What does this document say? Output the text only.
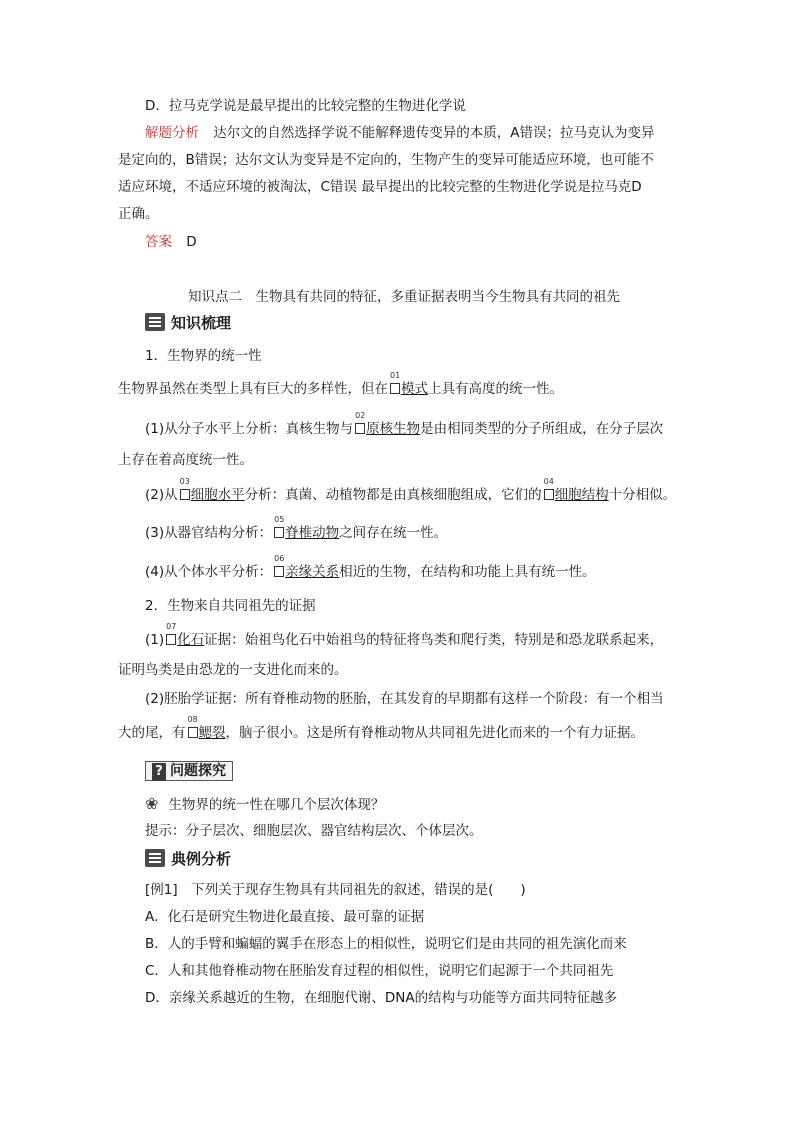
D．拉马克学说是最早提出的比较完整的生物进化学说
解题分析 达尔文的自然选择学说不能解释遗传变异的本质，A错误；拉马克认为变异
是定向的，B错误；达尔文认为变异是不定向的，生物产生的变异可能适应环境，也可能不
适应环境，不适应环境的被淘汰，C错误 最早提出的比较完整的生物进化学说是拉马克D
正确。
答案 D
知识点二　生物具有共同的特征，多重证据表明当今生物具有共同的祖先
知识梳理
1．生物界的统一性
生物界虽然在类型上具有巨大的多样性，但在
01
模式上具有高度的统一性。
(1)从分子水平上分析：真核生物与
02
原核生物是由相同类型的分子所组成，在分子层次
上存在着高度统一性。
(2)从
03
细胞水平分析：真菌、动植物都是由真核细胞组成，它们的
04
细胞结构十分相似。
(3)从器官结构分析：
05
脊椎动物之间存在统一性。
(4)从个体水平分析：
06
亲缘关系相近的生物，在结构和功能上具有统一性。
2．生物来自共同祖先的证据
(1)
07
化石证据：始祖鸟化石中始祖鸟的特征将鸟类和爬行类，特别是和恐龙联系起来，
证明鸟类是由恐龙的一支进化而来的。
(2)胚胎学证据：所有脊椎动物的胚胎，在其发育的早期都有这样一个阶段：有一个相当
大的尾，有
08
鳃裂，脑子很小。这是所有脊椎动物从共同祖先进化而来的一个有力证据。
? 问题探究
❀ 生物界的统一性在哪几个层次体现？
提示：分子层次、细胞层次、器官结构层次、个体层次。
典例分析
[例1]　下列关于现存生物具有共同祖先的叙述，错误的是(　　)
A．化石是研究生物进化最直接、最可靠的证据
B．人的手臂和蝙蝠的翼手在形态上的相似性，说明它们是由共同的祖先演化而来
C．人和其他脊椎动物在胚胎发育过程的相似性，说明它们起源于一个共同祖先
D．亲缘关系越近的生物，在细胞代谢、DNA的结构与功能等方面共同特征越多
